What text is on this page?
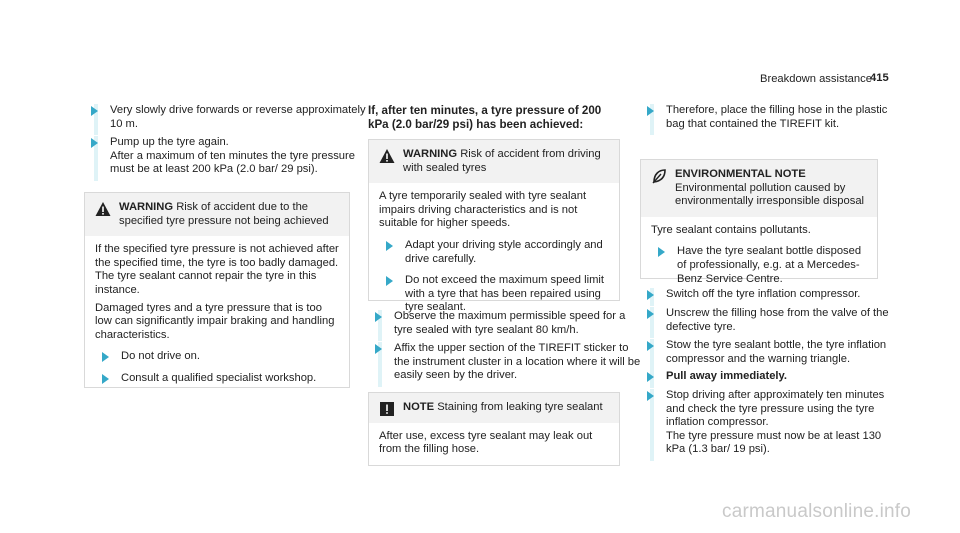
Breakdown assistance
415

Very slowly drive forwards or reverse approximately 10 m.

Pump up the tyre again.

After a maximum of ten minutes the tyre pressure must be at least 200 kPa (2.0 bar/ 29 psi).

WARNING Risk of accident due to the specified tyre pressure not being achieved

If the specified tyre pressure is not achieved after the specified time, the tyre is too badly damaged. The tyre sealant cannot repair the tyre in this instance.

Damaged tyres and a tyre pressure that is too low can significantly impair braking and handling characteristics.

Do not drive on.

Consult a qualified specialist workshop.

If, after ten minutes, a tyre pressure of 200 kPa (2.0 bar/29 psi) has been achieved:
WARNING Risk of accident from driving with sealed tyres

A tyre temporarily sealed with tyre sealant impairs driving characteristics and is not suitable for higher speeds.

Adapt your driving style accordingly and drive carefully.

Do not exceed the maximum speed limit with a tyre that has been repaired using tyre sealant.

Observe the maximum permissible speed for a tyre sealed with tyre sealant 80 km/h.

Affix the upper section of the TIREFIT sticker to the instrument cluster in a location where it will be easily seen by the driver.

NOTE Staining from leaking tyre sealant

After use, excess tyre sealant may leak out from the filling hose.

Therefore, place the filling hose in the plastic bag that contained the TIREFIT kit.

ENVIRONMENTAL NOTE Environmental pollution caused by environmentally irresponsible disposal

Tyre sealant contains pollutants.

Have the tyre sealant bottle disposed of professionally, e.g. at a Mercedes-Benz Service Centre.

Switch off the tyre inflation compressor.

Unscrew the filling hose from the valve of the defective tyre.

Stow the tyre sealant bottle, the tyre inflation compressor and the warning triangle.

Pull away immediately.

Stop driving after approximately ten minutes and check the tyre pressure using the tyre inflation compressor.

The tyre pressure must now be at least 130 kPa (1.3 bar/ 19 psi).

carmanualsonline.info
